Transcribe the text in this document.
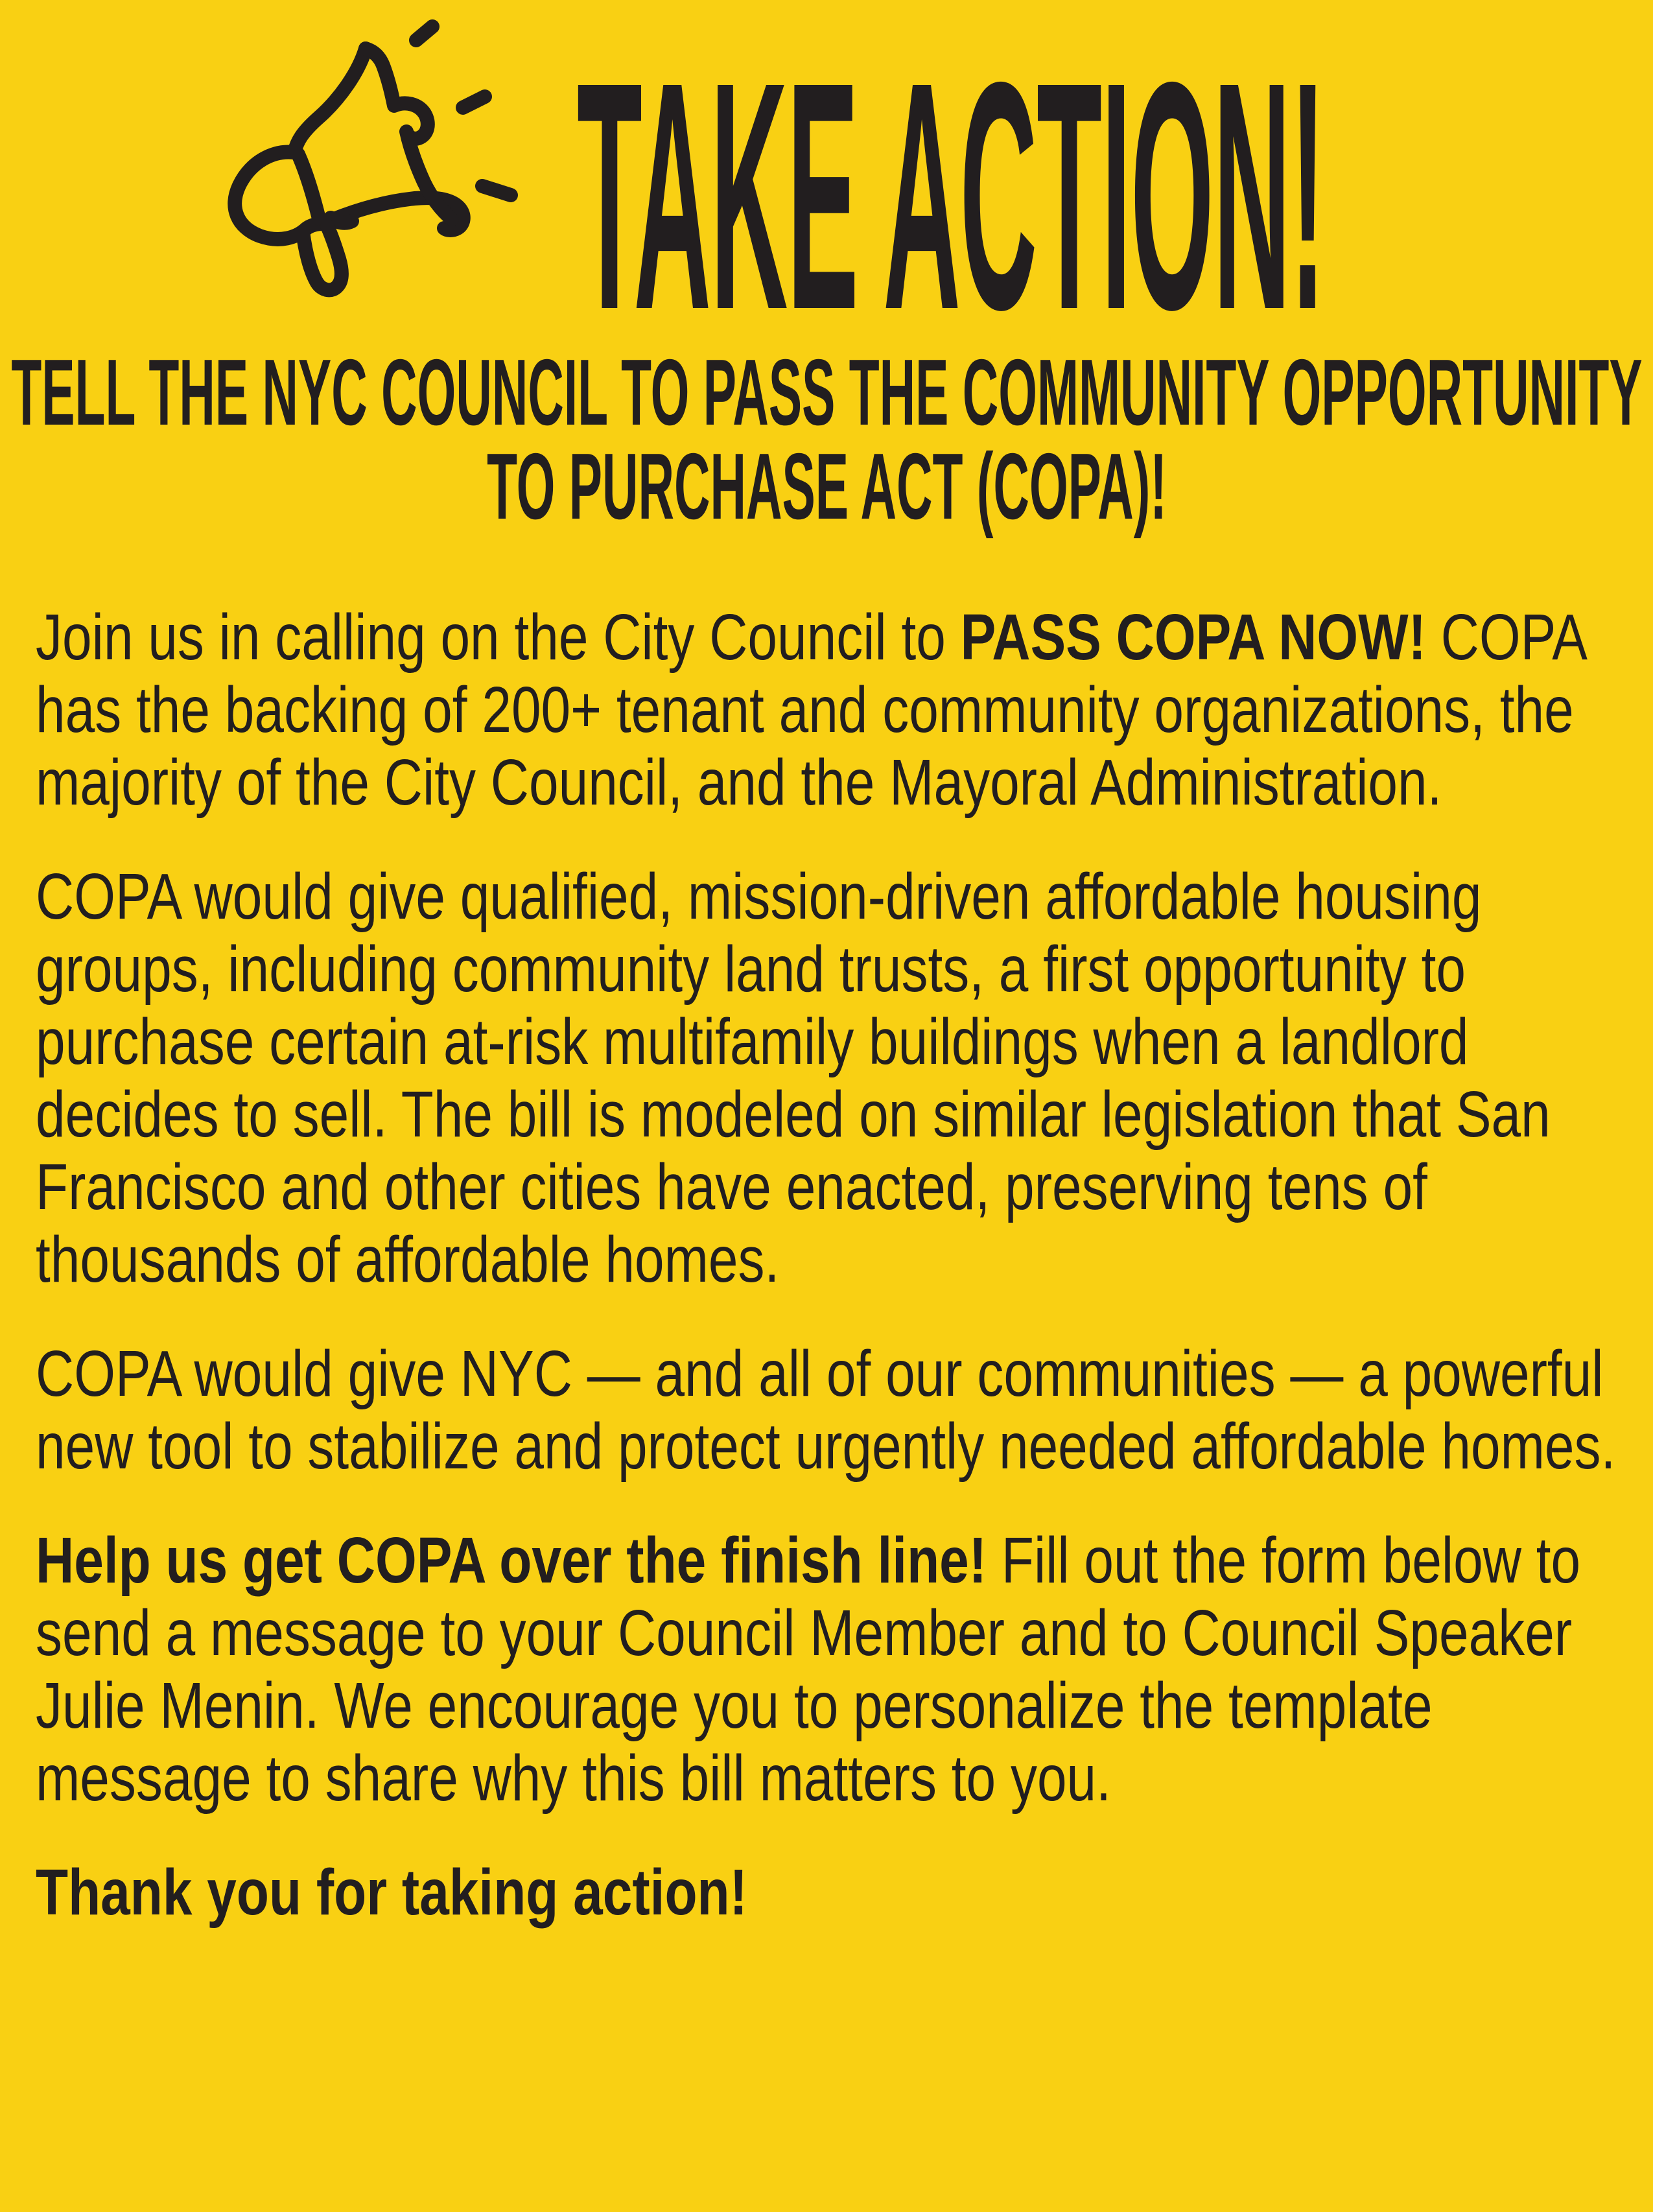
TAKE ACTION!
TELL THE NYC COUNCIL TO PASS THE COMMUNITY OPPORTUNITY TO PURCHASE ACT (COPA)!

Join us in calling on the City Council to PASS COPA NOW! COPA has the backing of 200+ tenant and community organizations, the majority of the City Council, and the Mayoral Administration.

COPA would give qualified, mission-driven affordable housing groups, including community land trusts, a first opportunity to purchase certain at-risk multifamily buildings when a landlord decides to sell. The bill is modeled on similar legislation that San Francisco and other cities have enacted, preserving tens of thousands of affordable homes.

COPA would give NYC — and all of our communities — a powerful new tool to stabilize and protect urgently needed affordable homes.

Help us get COPA over the finish line! Fill out the form below to send a message to your Council Member and to Council Speaker Julie Menin. We encourage you to personalize the template message to share why this bill matters to you.

Thank you for taking action!
